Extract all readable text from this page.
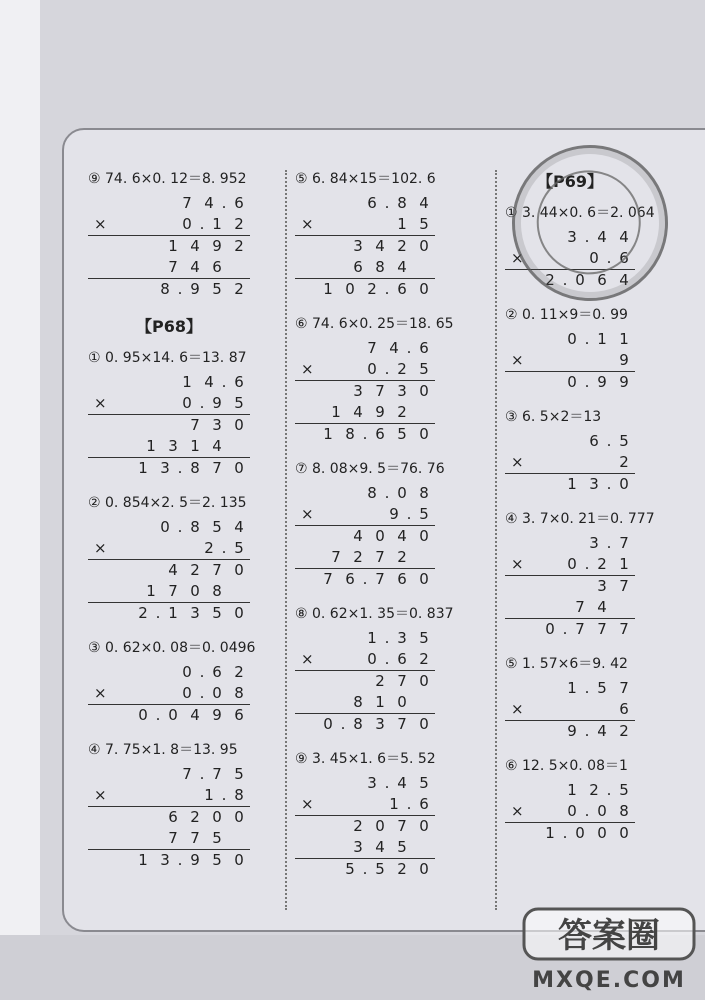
⑨ 74. 6×0. 12＝8. 952
7 4 . 6
×	0 . 1 2
1 4 9 2
7 4 6

8 . 9 5 2
【P68】
① 0. 95×14. 6＝13. 87
1 4 . 6
×	0 . 9 5
7 3 0
1 3 1 4

1 3 . 8 7 0
② 0. 854×2. 5＝2. 135
0 . 8 5 4
×	2 . 5
4 2 7 0
1 7 0 8

2 . 1 3 5 0
③ 0. 62×0. 08＝0. 0496
0 . 6 2
×	0 . 0 8
0 . 0 4 9 6
④ 7. 75×1. 8＝13. 95
7 . 7 5
×	1 . 8
6 2 0 0
7 7 5

1 3 . 9 5 0
⑤ 6. 84×15＝102. 6
6 . 8 4
×	1 5
3 4 2 0
6 8 4

1 0 2 . 6 0
⑥ 74. 6×0. 25＝18. 65
7 4 . 6
×	0 . 2 5
3 7 3 0
1 4 9 2

1 8 . 6 5 0
⑦ 8. 08×9. 5＝76. 76
8 . 0 8
×	9 . 5
4 0 4 0
7 2 7 2

7 6 . 7 6 0
⑧ 0. 62×1. 35＝0. 837
1 . 3 5
×	0 . 6 2
2 7 0
8 1 0

0 . 8 3 7 0
⑨ 3. 45×1. 6＝5. 52
3 . 4 5
×	1 . 6
2 0 7 0
3 4 5

5 . 5 2 0
【P69】
① 3. 44×0. 6＝2. 064
3 . 4 4
×	0 . 6
2 . 0 6 4
② 0. 11×9＝0. 99
0 . 1 1
×	9
0 . 9 9
③ 6. 5×2＝13
6 . 5
×	2
1 3 . 0
④ 3. 7×0. 21＝0. 777
3 . 7
×	0 . 2 1
3 7
7 4

0 . 7 7 7
⑤ 1. 57×6＝9. 42
1 . 5 7
×	6
9 . 4 2
⑥ 12. 5×0. 08＝1
1 2 . 5
×	0 . 0 8
1 . 0 0 0
答案圈
MXQE.COM
